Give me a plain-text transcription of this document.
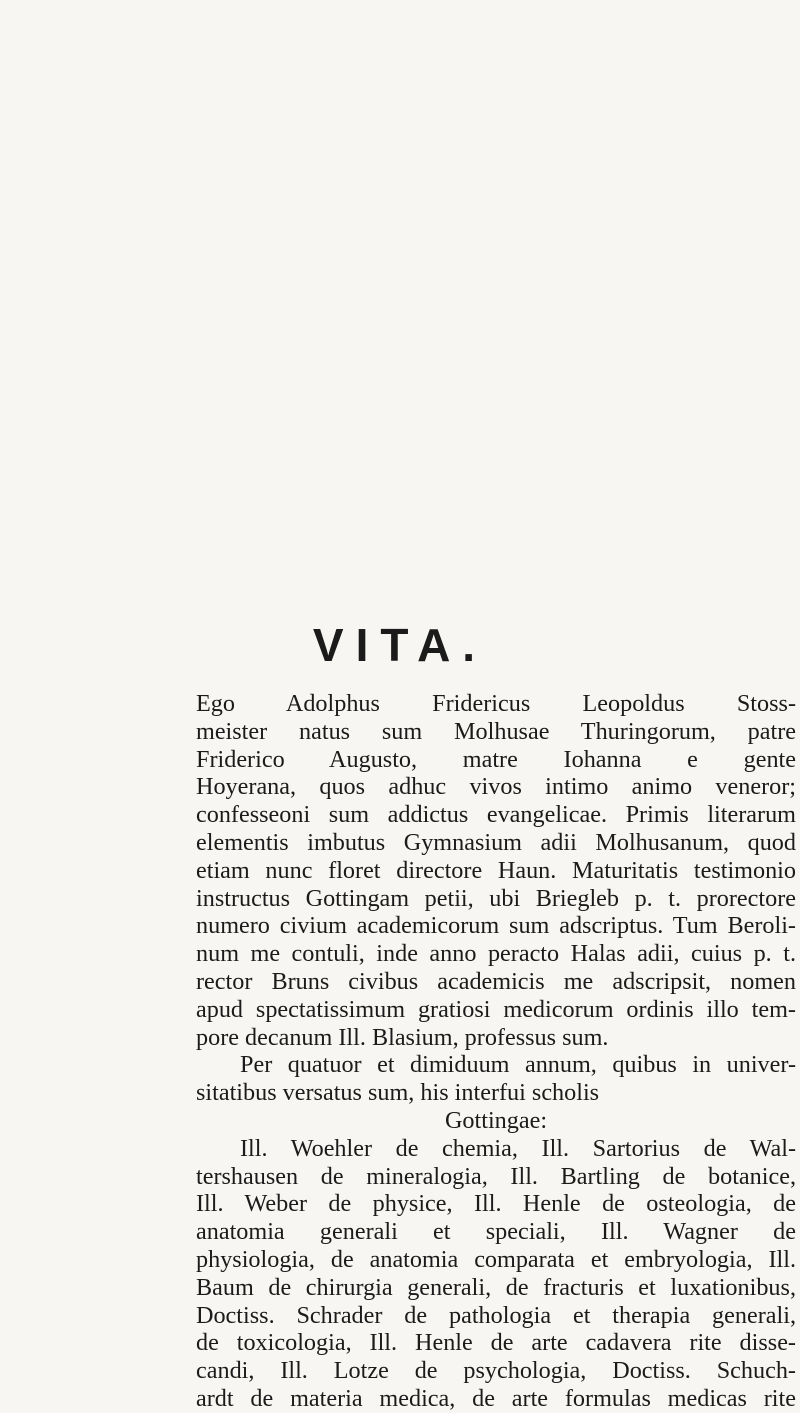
VITA.
Ego Adolphus Fridericus Leopoldus Stoss-
meister natus sum Molhusae Thuringorum, patre
Friderico Augusto, matre Iohanna e gente
Hoyerana, quos adhuc vivos intimo animo veneror;
confesseoni sum addictus evangelicae. Primis literarum
elementis imbutus Gymnasium adii Molhusanum, quod
etiam nunc floret directore Haun. Maturitatis testimonio
instructus Gottingam petii, ubi Briegleb p. t. prorectore
numero civium academicorum sum adscriptus. Tum Beroli-
num me contuli, inde anno peracto Halas adii, cuius p. t.
rector Bruns civibus academicis me adscripsit, nomen
apud spectatissimum gratiosi medicorum ordinis illo tem-
pore decanum Ill. Blasium, professus sum.
Per quatuor et dimiduum annum, quibus in univer-
sitatibus versatus sum, his interfui scholis
Gottingae:
Ill. Woehler de chemia, Ill. Sartorius de Wal-
tershausen de mineralogia, Ill. Bartling de botanice,
Ill. Weber de physice, Ill. Henle de osteologia, de
anatomia generali et speciali, Ill. Wagner de
physiologia, de anatomia comparata et embryologia, Ill.
Baum de chirurgia generali, de fracturis et luxationibus,
Doctiss. Schrader de pathologia et therapia generali,
de toxicologia, Ill. Henle de arte cadavera rite disse-
candi, Ill. Lotze de psychologia, Doctiss. Schuch-
ardt de materia medica, de arte formulas medicas rite
